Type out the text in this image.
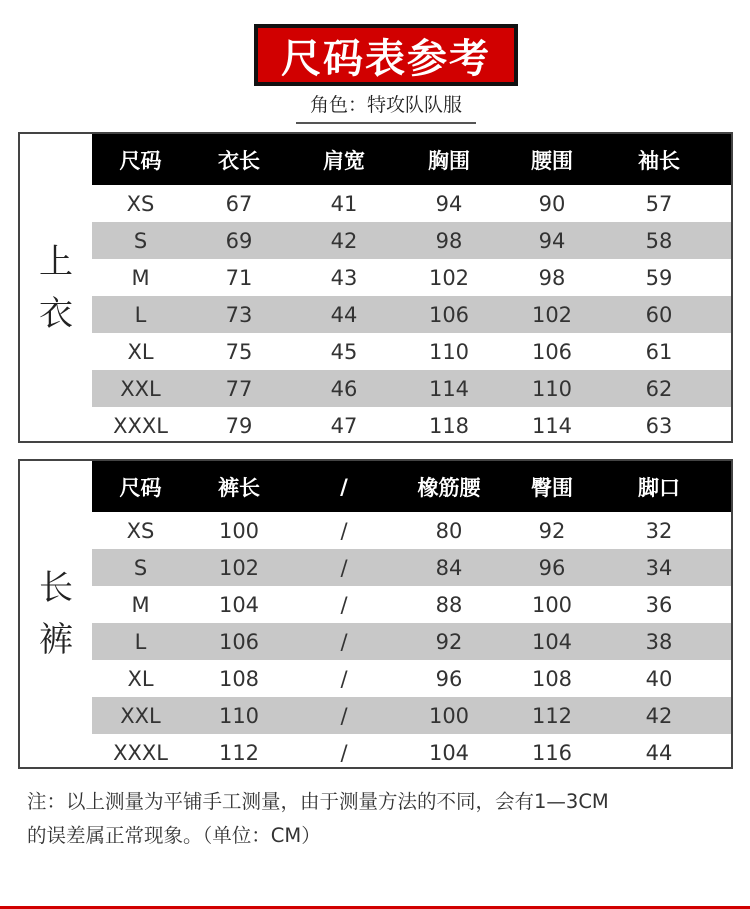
尺码表参考
角色：特攻队队服
上
衣
尺码	衣长	肩宽	胸围	腰围	袖长
XS	67	41	94	90	57
S	69	42	98	94	58
M	71	43	102	98	59
L	73	44	106	102	60
XL	75	45	110	106	61
XXL	77	46	114	110	62
XXXL	79	47	118	114	63
长
裤
尺码	裤长	/	橡筋腰	臀围	脚口
XS	100	/	80	92	32
S	102	/	84	96	34
M	104	/	88	100	36
L	106	/	92	104	38
XL	108	/	96	108	40
XXL	110	/	100	112	42
XXXL	112	/	104	116	44
注：以上测量为平铺手工测量，由于测量方法的不同，会有1—3CM
的误差属正常现象。（单位：CM）
